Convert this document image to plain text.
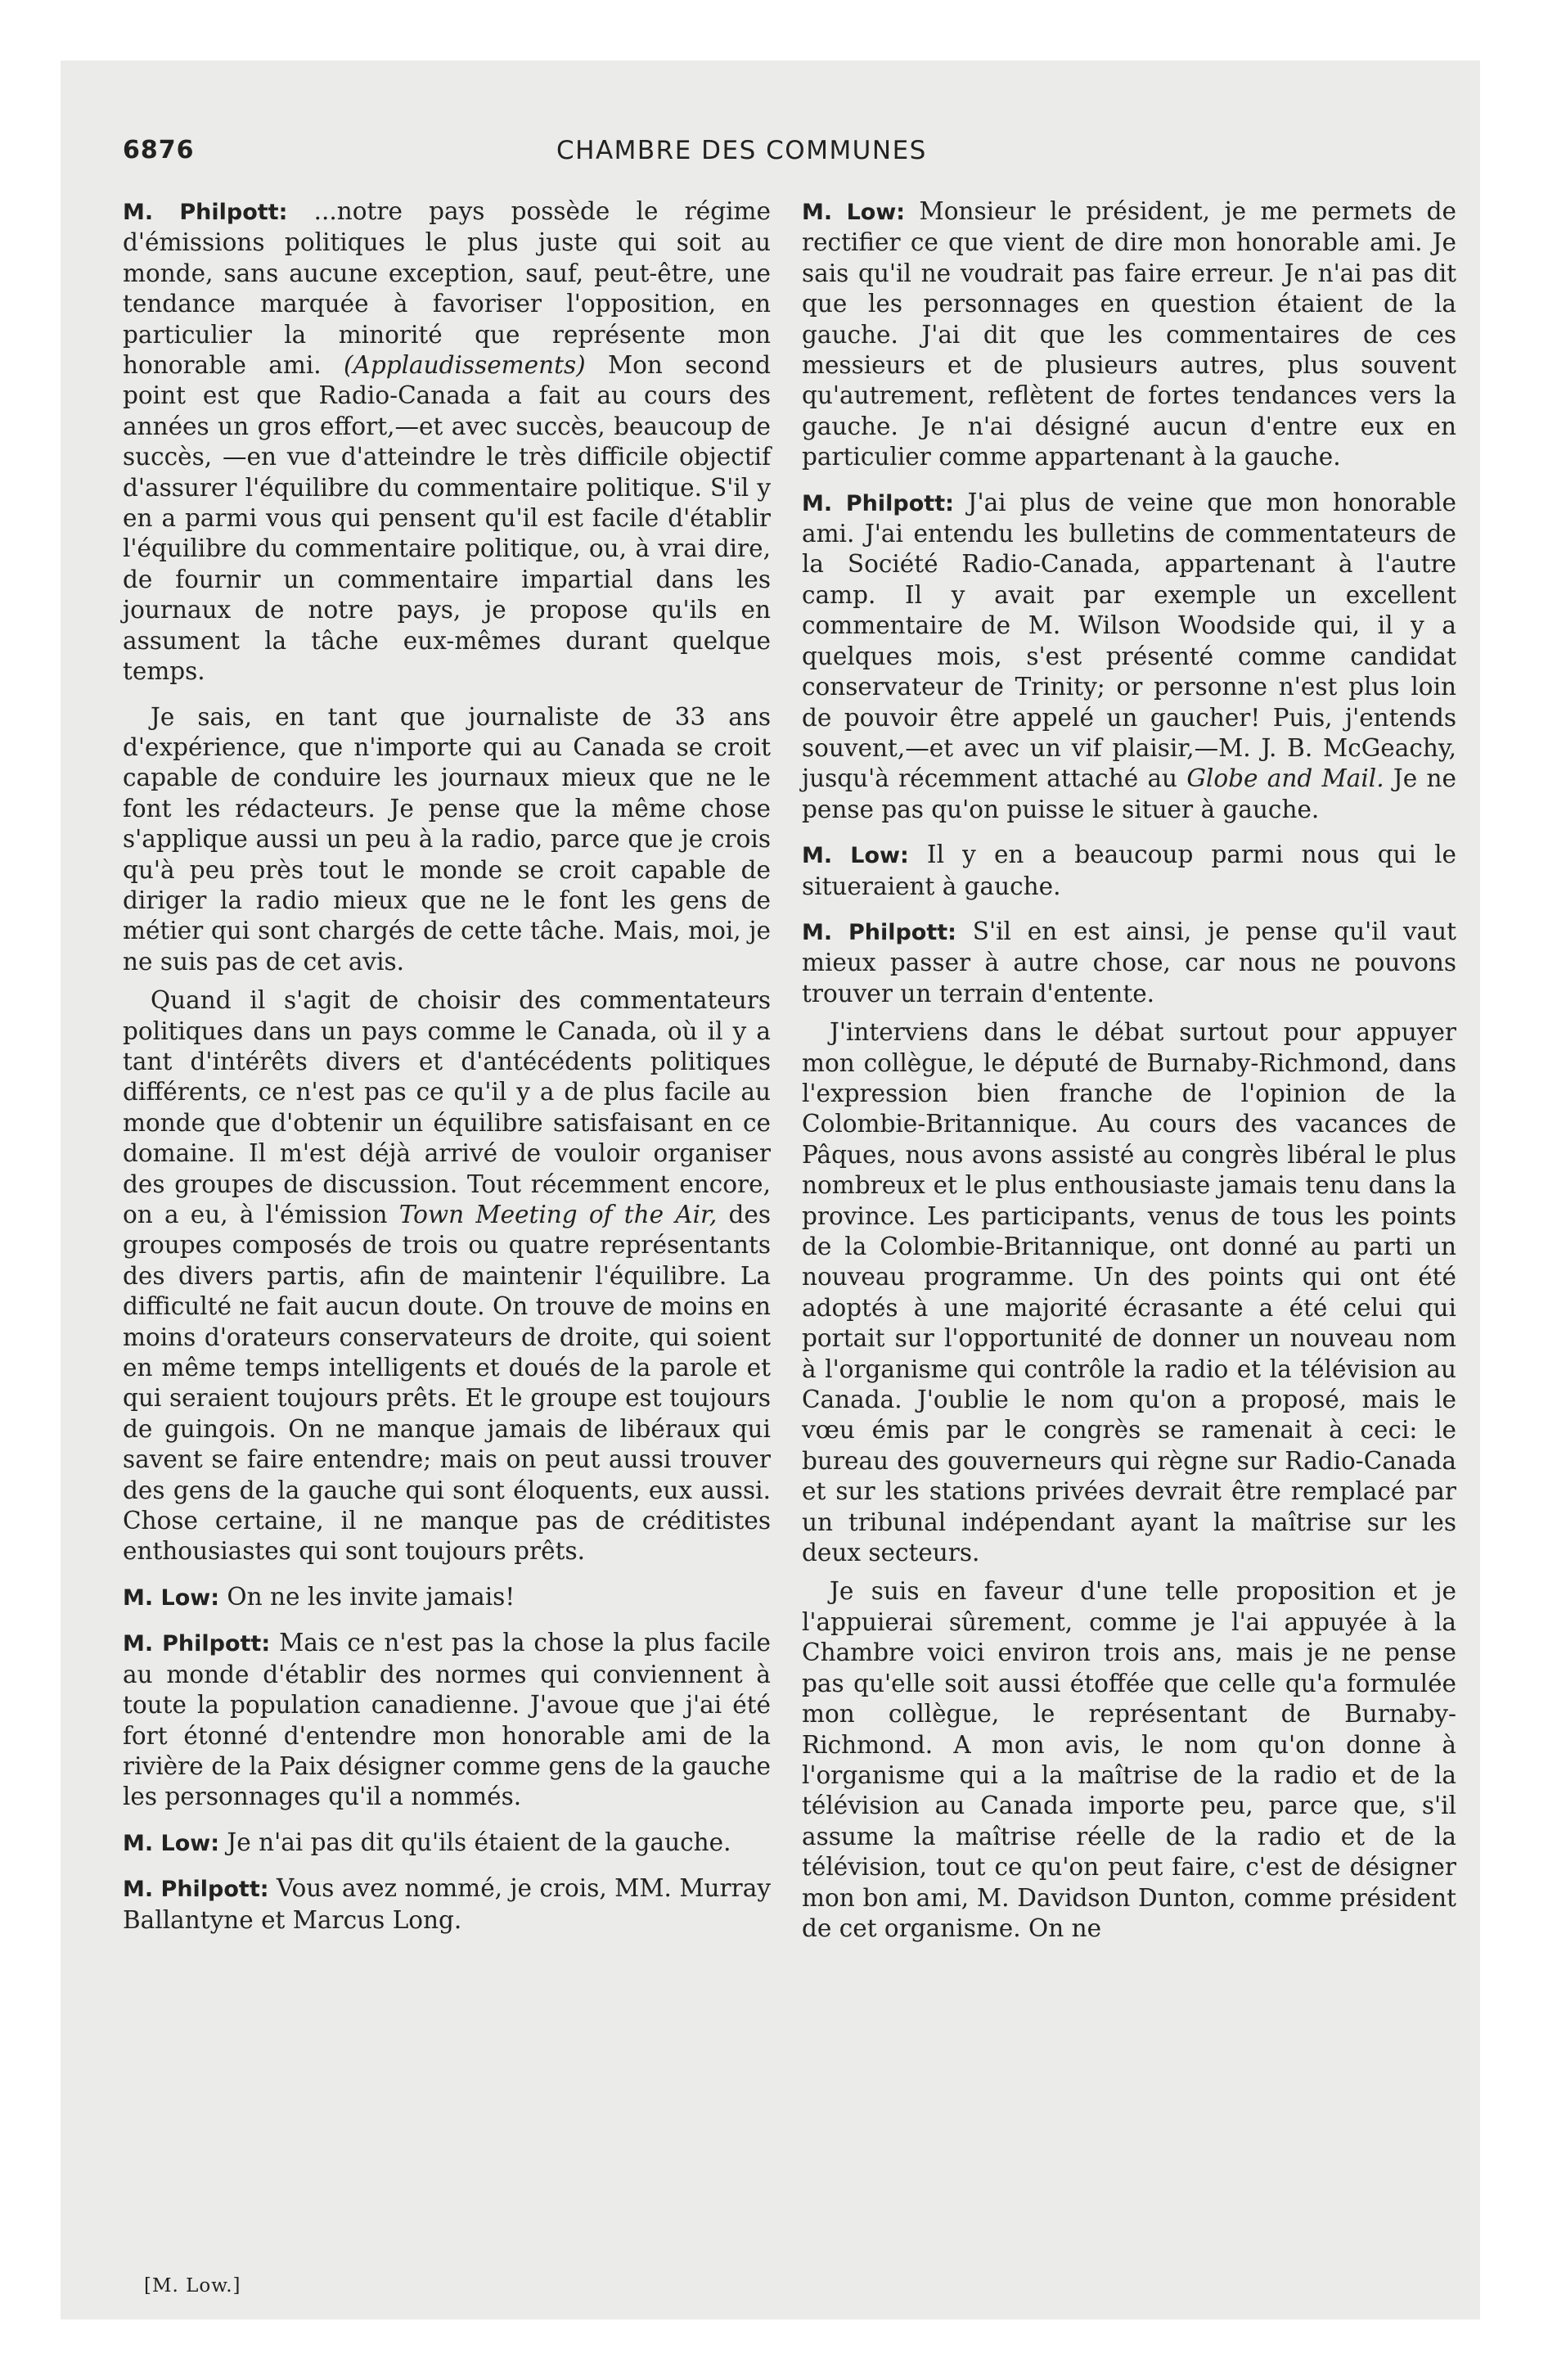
6876	CHAMBRE DES COMMUNES

M. Philpott: ...notre pays possède le régime d'émissions politiques le plus juste qui soit au monde, sans aucune exception, sauf, peut-être, une tendance marquée à favoriser l'opposition, en particulier la minorité que représente mon honorable ami. (Applaudissements) Mon second point est que Radio-Canada a fait au cours des années un gros effort,—et avec succès, beaucoup de succès, —en vue d'atteindre le très difficile objectif d'assurer l'équilibre du commentaire politique. S'il y en a parmi vous qui pensent qu'il est facile d'établir l'équilibre du commentaire politique, ou, à vrai dire, de fournir un commentaire impartial dans les journaux de notre pays, je propose qu'ils en assument la tâche eux-mêmes durant quelque temps.

Je sais, en tant que journaliste de 33 ans d'expérience, que n'importe qui au Canada se croit capable de conduire les journaux mieux que ne le font les rédacteurs. Je pense que la même chose s'applique aussi un peu à la radio, parce que je crois qu'à peu près tout le monde se croit capable de diriger la radio mieux que ne le font les gens de métier qui sont chargés de cette tâche. Mais, moi, je ne suis pas de cet avis.

Quand il s'agit de choisir des commentateurs politiques dans un pays comme le Canada, où il y a tant d'intérêts divers et d'antécédents politiques différents, ce n'est pas ce qu'il y a de plus facile au monde que d'obtenir un équilibre satisfaisant en ce domaine. Il m'est déjà arrivé de vouloir organiser des groupes de discussion. Tout récemment encore, on a eu, à l'émission Town Meeting of the Air, des groupes composés de trois ou quatre représentants des divers partis, afin de maintenir l'équilibre. La difficulté ne fait aucun doute. On trouve de moins en moins d'orateurs conservateurs de droite, qui soient en même temps intelligents et doués de la parole et qui seraient toujours prêts. Et le groupe est toujours de guingois. On ne manque jamais de libéraux qui savent se faire entendre; mais on peut aussi trouver des gens de la gauche qui sont éloquents, eux aussi. Chose certaine, il ne manque pas de créditistes enthousiastes qui sont toujours prêts.

M. Low: On ne les invite jamais!

M. Philpott: Mais ce n'est pas la chose la plus facile au monde d'établir des normes qui conviennent à toute la population canadienne. J'avoue que j'ai été fort étonné d'entendre mon honorable ami de la rivière de la Paix désigner comme gens de la gauche les personnages qu'il a nommés.

M. Low: Je n'ai pas dit qu'ils étaient de la gauche.

M. Philpott: Vous avez nommé, je crois, MM. Murray Ballantyne et Marcus Long.

M. Low: Monsieur le président, je me permets de rectifier ce que vient de dire mon honorable ami. Je sais qu'il ne voudrait pas faire erreur. Je n'ai pas dit que les personnages en question étaient de la gauche. J'ai dit que les commentaires de ces messieurs et de plusieurs autres, plus souvent qu'autrement, reflètent de fortes tendances vers la gauche. Je n'ai désigné aucun d'entre eux en particulier comme appartenant à la gauche.

M. Philpott: J'ai plus de veine que mon honorable ami. J'ai entendu les bulletins de commentateurs de la Société Radio-Canada, appartenant à l'autre camp. Il y avait par exemple un excellent commentaire de M. Wilson Woodside qui, il y a quelques mois, s'est présenté comme candidat conservateur de Trinity; or personne n'est plus loin de pouvoir être appelé un gaucher! Puis, j'entends souvent,—et avec un vif plaisir,—M. J. B. McGeachy, jusqu'à récemment attaché au Globe and Mail. Je ne pense pas qu'on puisse le situer à gauche.

M. Low: Il y en a beaucoup parmi nous qui le situeraient à gauche.

M. Philpott: S'il en est ainsi, je pense qu'il vaut mieux passer à autre chose, car nous ne pouvons trouver un terrain d'entente.

J'interviens dans le débat surtout pour appuyer mon collègue, le député de Burnaby-Richmond, dans l'expression bien franche de l'opinion de la Colombie-Britannique. Au cours des vacances de Pâques, nous avons assisté au congrès libéral le plus nombreux et le plus enthousiaste jamais tenu dans la province. Les participants, venus de tous les points de la Colombie-Britannique, ont donné au parti un nouveau programme. Un des points qui ont été adoptés à une majorité écrasante a été celui qui portait sur l'opportunité de donner un nouveau nom à l'organisme qui contrôle la radio et la télévision au Canada. J'oublie le nom qu'on a proposé, mais le vœu émis par le congrès se ramenait à ceci: le bureau des gouverneurs qui règne sur Radio-Canada et sur les stations privées devrait être remplacé par un tribunal indépendant ayant la maîtrise sur les deux secteurs.

Je suis en faveur d'une telle proposition et je l'appuierai sûrement, comme je l'ai appuyée à la Chambre voici environ trois ans, mais je ne pense pas qu'elle soit aussi étoffée que celle qu'a formulée mon collègue, le représentant de Burnaby-Richmond. A mon avis, le nom qu'on donne à l'organisme qui a la maîtrise de la radio et de la télévision au Canada importe peu, parce que, s'il assume la maîtrise réelle de la radio et de la télévision, tout ce qu'on peut faire, c'est de désigner mon bon ami, M. Davidson Dunton, comme président de cet organisme. On ne

[M. Low.]
